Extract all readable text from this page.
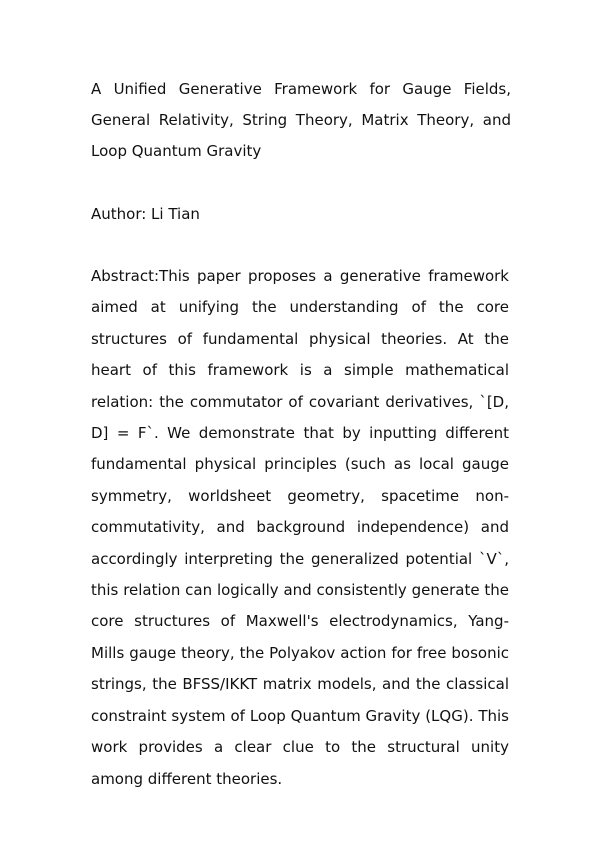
A Unified Generative Framework for Gauge Fields, General Relativity, String Theory, Matrix Theory, and Loop Quantum Gravity

Author: Li Tian

Abstract:This paper proposes a generative framework aimed at unifying the understanding of the core structures of fundamental physical theories. At the heart of this framework is a simple mathematical relation: the commutator of covariant derivatives, `[D, D] = F`. We demonstrate that by inputting different fundamental physical principles (such as local gauge symmetry, worldsheet geometry, spacetime non-commutativity, and background independence) and accordingly interpreting the generalized potential `V`, this relation can logically and consistently generate the core structures of Maxwell's electrodynamics, Yang-Mills gauge theory, the Polyakov action for free bosonic strings, the BFSS/IKKT matrix models, and the classical constraint system of Loop Quantum Gravity (LQG). This work provides a clear clue to the structural unity among different theories.
